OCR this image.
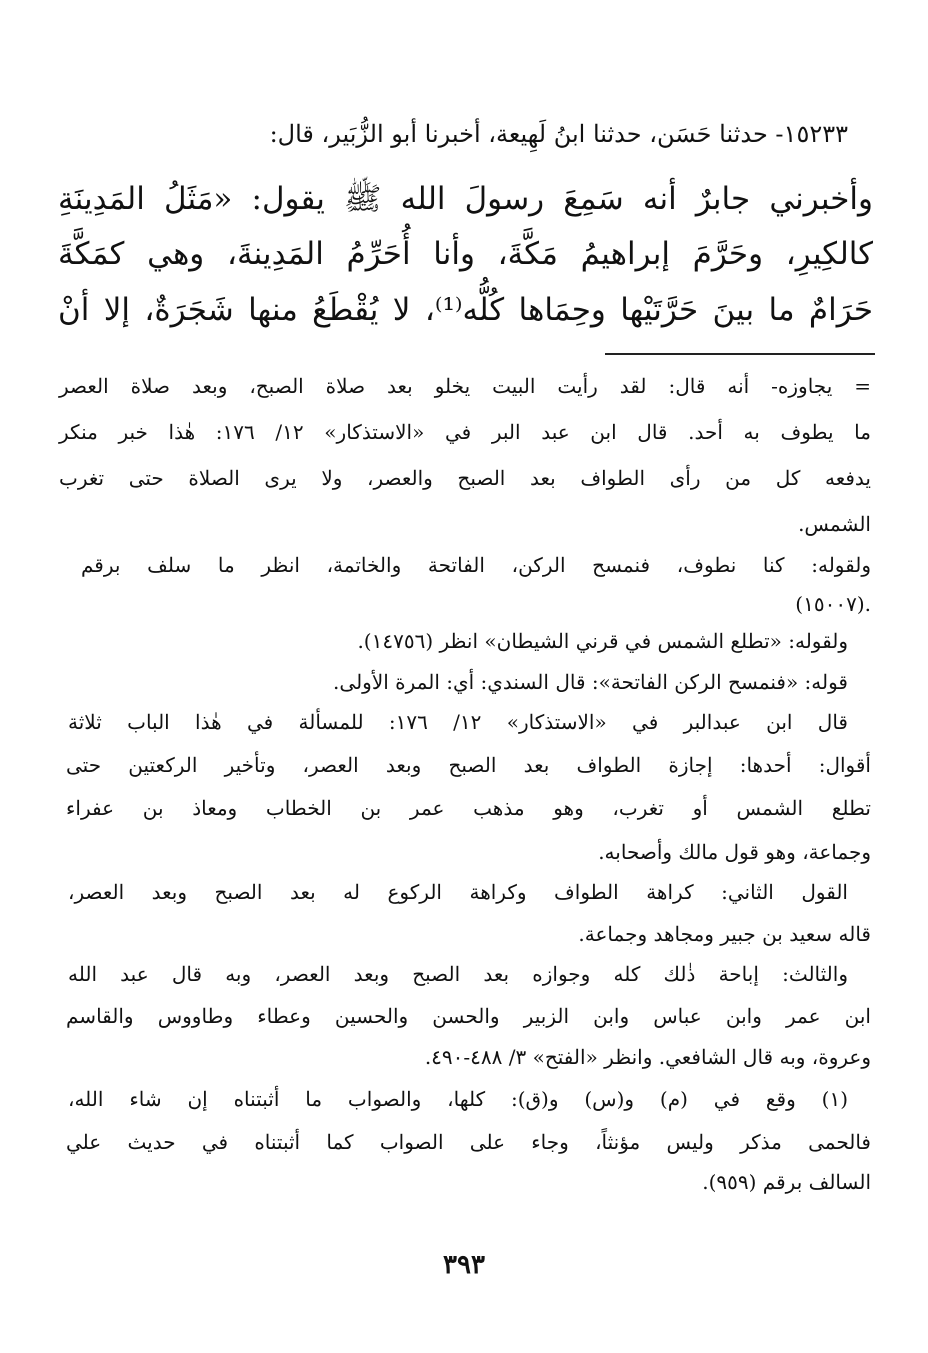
١٥٢٣٣- حدثنا حَسَن، حدثنا ابنُ لَهِيعة، أخبرنا أبو الزُّبَير، قال:

وأخبرني جابرٌ أنه سَمِعَ رسولَ الله ﷺ يقول: «مَثَلُ المَدِينَةِ

كالكِيرِ، وحَرَّمَ إبراهيمُ مَكَّةَ، وأنا أُحَرِّمُ المَدِينةَ، وهي كمَكَّةَ

حَرَامٌ ما بينَ حَرَّتَيْها وحِمَاها كُلُّه⁽¹⁾، لا يُقْطَعُ منها شَجَرَةٌ، إلا أنْ

= يجاوزه- أنه قال: لقد رأيت البيت يخلو بعد صلاة الصبح، وبعد صلاة العصر

ما يطوف به أحد. قال ابن عبد البر في «الاستذكار» ١٢/ ١٧٦: هٰذا خبر منكر

يدفعه كل من رأى الطواف بعد الصبح والعصر، ولا يرى الصلاة حتى تغرب

الشمس.

ولقوله: كنا نطوف، فنمسح الركن، الفاتحة والخاتمة، انظر ما سلف برقم

(١٥٠٠٧).

ولقوله: «تطلع الشمس في قرني الشيطان» انظر (١٤٧٥٦).

قوله: «فنمسح الركن الفاتحة»: قال السندي: أي: المرة الأولى.

قال ابن عبدالبر في «الاستذكار» ١٢/ ١٧٦: للمسألة في هٰذا الباب ثلاثة

أقوال: أحدها: إجازة الطواف بعد الصبح وبعد العصر، وتأخير الركعتين حتى

تطلع الشمس أو تغرب، وهو مذهب عمر بن الخطاب ومعاذ بن عفراء

وجماعة، وهو قول مالك وأصحابه.

القول الثاني: كراهة الطواف وكراهة الركوع له بعد الصبح وبعد العصر،

قاله سعيد بن جبير ومجاهد وجماعة.

والثالث: إباحة ذٰلك كله وجوازه بعد الصبح وبعد العصر، وبه قال عبد الله

ابن عمر وابن عباس وابن الزبير والحسن والحسين وعطاء وطاووس والقاسم

وعروة، وبه قال الشافعي. وانظر «الفتح» ٣/ ٤٨٨-٤٩٠.

(١) وقع في (م) و(س) و(ق): كلها، والصواب ما أثبتناه إن شاء الله،

فالحمى مذكر وليس مؤنثاً، وجاء على الصواب كما أثبتناه في حديث علي

السالف برقم (٩٥٩).

٣٩٣
